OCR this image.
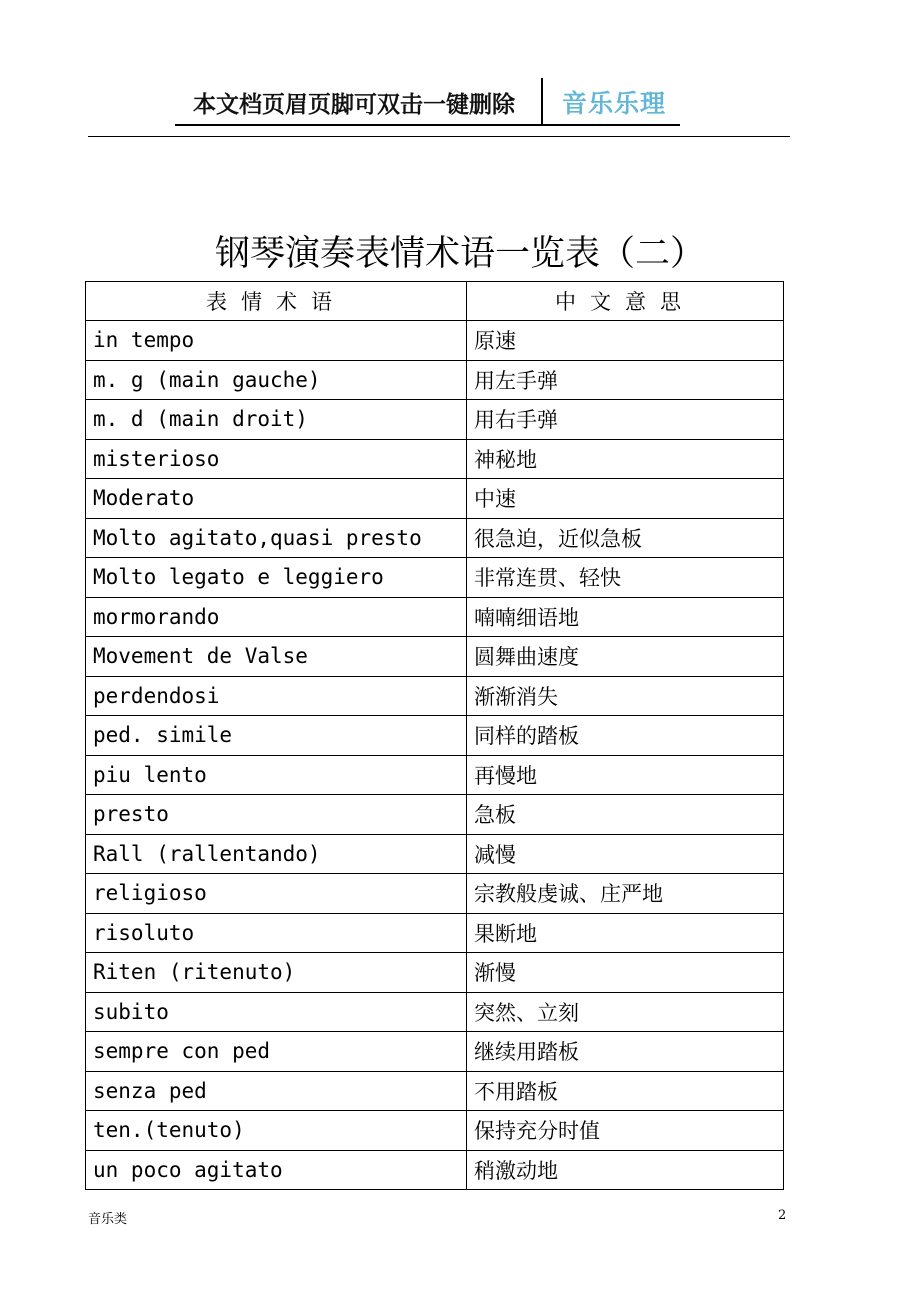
本文档页眉页脚可双击一键删除 音乐乐理
钢琴演奏表情术语一览表（二）
表情术语	中文意思
in tempo	原速
m. g (main gauche)	用左手弹
m. d (main droit)	用右手弹
misterioso	神秘地
Moderato	中速
Molto agitato,quasi presto	很急迫，近似急板
Molto legato e leggiero	非常连贯、轻快
mormorando	喃喃细语地
Movement de Valse	圆舞曲速度
perdendosi	渐渐消失
ped. simile	同样的踏板
piu lento	再慢地
presto	急板
Rall (rallentando)	减慢
religioso	宗教般虔诚、庄严地
risoluto	果断地
Riten (ritenuto)	渐慢
subito	突然、立刻
sempre con ped	继续用踏板
senza ped	不用踏板
ten.(tenuto)	保持充分时值
un poco agitato	稍激动地
音乐类	2
